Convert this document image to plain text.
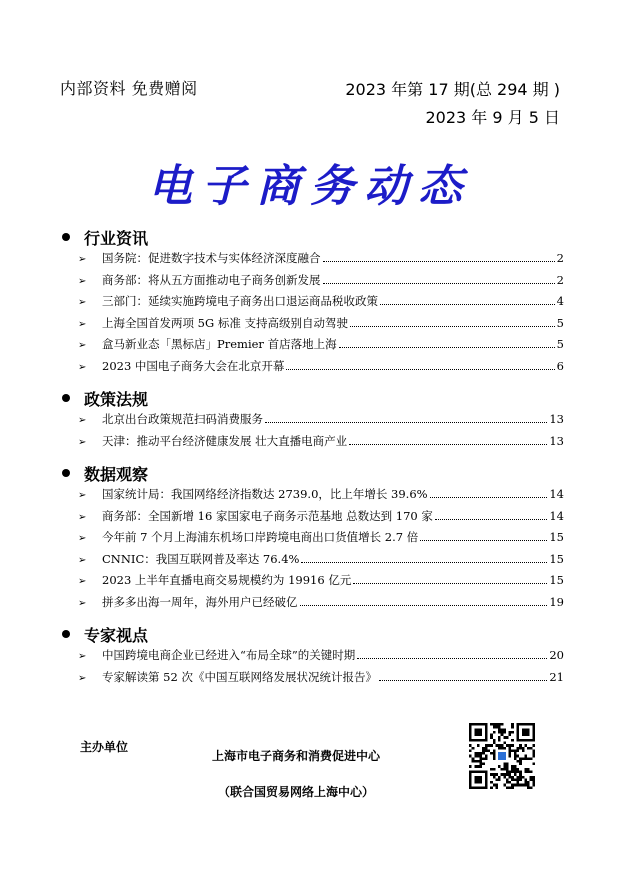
内部资料 免费赠阅	2023 年第 17 期(总 294 期 )
2023 年 9 月 5 日
电子商务动态
行业资讯
➢	国务院：促进数字技术与实体经济深度融合	2
➢	商务部：将从五方面推动电子商务创新发展	2
➢	三部门：延续实施跨境电子商务出口退运商品税收政策	4
➢	上海全国首发两项 5G 标准 支持高级别自动驾驶	5
➢	盒马新业态「黑标店」Premier 首店落地上海	5
➢	2023 中国电子商务大会在北京开幕	6
政策法规
➢	北京出台政策规范扫码消费服务	13
➢	天津：推动平台经济健康发展 壮大直播电商产业	13
数据观察
➢	国家统计局：我国网络经济指数达 2739.0，比上年增长 39.6%	14
➢	商务部：全国新增 16 家国家电子商务示范基地 总数达到 170 家	14
➢	今年前 7 个月上海浦东机场口岸跨境电商出口货值增长 2.7 倍	15
➢	CNNIC：我国互联网普及率达 76.4%	15
➢	2023 上半年直播电商交易规模约为 19916 亿元	15
➢	拼多多出海一周年，海外用户已经破亿	19
专家视点
➢	中国跨境电商企业已经进入“布局全球”的关键时期	20
➢	专家解读第 52 次《中国互联网络发展状况统计报告》	21
主办单位
上海市电子商务和消费促进中心
（联合国贸易网络上海中心）
